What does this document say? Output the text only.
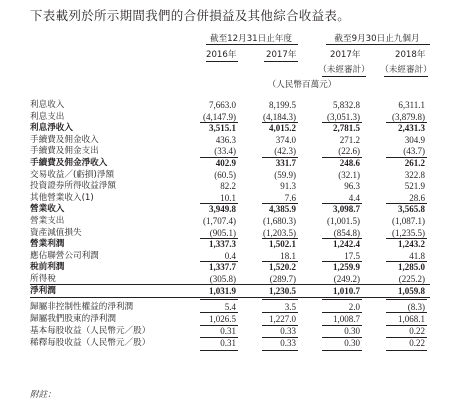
下表載列於所示期間我們的合併損益及其他綜合收益表。
截至12月31日止年度	截至9月30日止九個月
2016年	2017年	2017年	2018年
（未經審計） （未經審計）
（人民幣百萬元）
利息收入	7,663.0	8,199.5	5,832.8	6,311.1
利息支出	(4,147.9)	(4,184.3)	(3,051.3)	(3,879.8)
利息淨收入	3,515.1	4,015.2	2,781.5	2,431.3
手續費及佣金收入	436.3	374.0	271.2	304.9
手續費及佣金支出	(33.4)	(42.3)	(22.6)	(43.7)
手續費及佣金淨收入	402.9	331.7	248.6	261.2
交易收益／(虧損)淨額	(60.5)	(59.9)	(32.1)	322.8
投資證券所得收益淨額	82.2	91.3	96.3	521.9
其他營業收入(1)	10.1	7.6	4.4	28.6
營業收入	3,949.8	4,385.9	3,098.7	3,565.8
營業支出	(1,707.4)	(1,680.3)	(1,001.5)	(1,087.1)
資產減值損失	(905.1)	(1,203.5)	(854.8)	(1,235.5)
營業利潤	1,337.3	1,502.1	1,242.4	1,243.2
應佔聯營公司利潤	0.4	18.1	17.5	41.8
稅前利潤	1,337.7	1,520.2	1,259.9	1,285.0
所得稅	(305.8)	(289.7)	(249.2)	(225.2)
淨利潤	1,031.9	1,230.5	1,010.7	1,059.8
歸屬非控制性權益的淨利潤	5.4	3.5	2.0	(8.3)
歸屬我們股東的淨利潤	1,026.5	1,227.0	1,008.7	1,068.1
基本每股收益（人民幣元／股）	0.31	0.33	0.30	0.22
稀釋每股收益（人民幣元／股）	0.31	0.33	0.30	0.22
附註：
